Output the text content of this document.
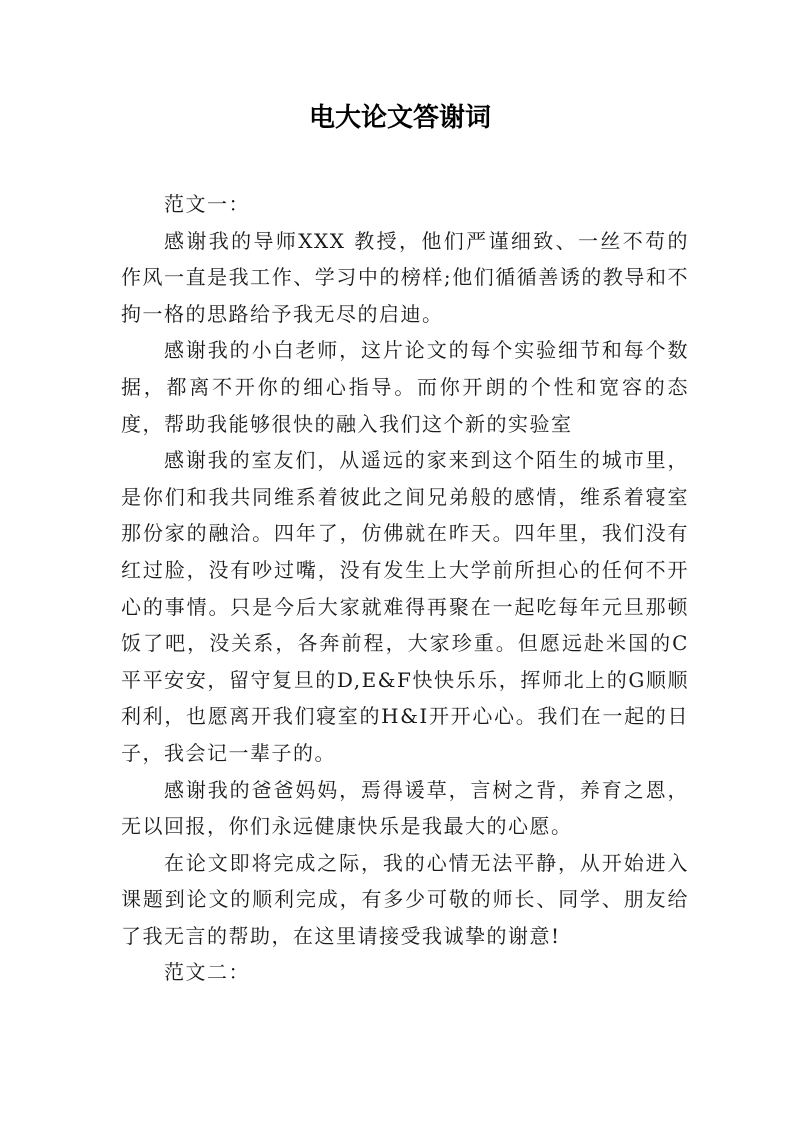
电大论文答谢词

范文一：

感谢我的导师XXX 教授，他们严谨细致、一丝不苟的作风一直是我工作、学习中的榜样;他们循循善诱的教导和不拘一格的思路给予我无尽的启迪。

感谢我的小白老师，这片论文的每个实验细节和每个数据，都离不开你的细心指导。而你开朗的个性和宽容的态度，帮助我能够很快的融入我们这个新的实验室

感谢我的室友们，从遥远的家来到这个陌生的城市里，是你们和我共同维系着彼此之间兄弟般的感情，维系着寝室那份家的融洽。四年了，仿佛就在昨天。四年里，我们没有红过脸，没有吵过嘴，没有发生上大学前所担心的任何不开心的事情。只是今后大家就难得再聚在一起吃每年元旦那顿饭了吧，没关系，各奔前程，大家珍重。但愿远赴米国的C平平安安，留守复旦的D,E&F快快乐乐，挥师北上的G顺顺利利，也愿离开我们寝室的H&I开开心心。我们在一起的日子，我会记一辈子的。

感谢我的爸爸妈妈，焉得谖草，言树之背，养育之恩，无以回报，你们永远健康快乐是我最大的心愿。

在论文即将完成之际，我的心情无法平静，从开始进入课题到论文的顺利完成，有多少可敬的师长、同学、朋友给了我无言的帮助，在这里请接受我诚挚的谢意!

范文二：
